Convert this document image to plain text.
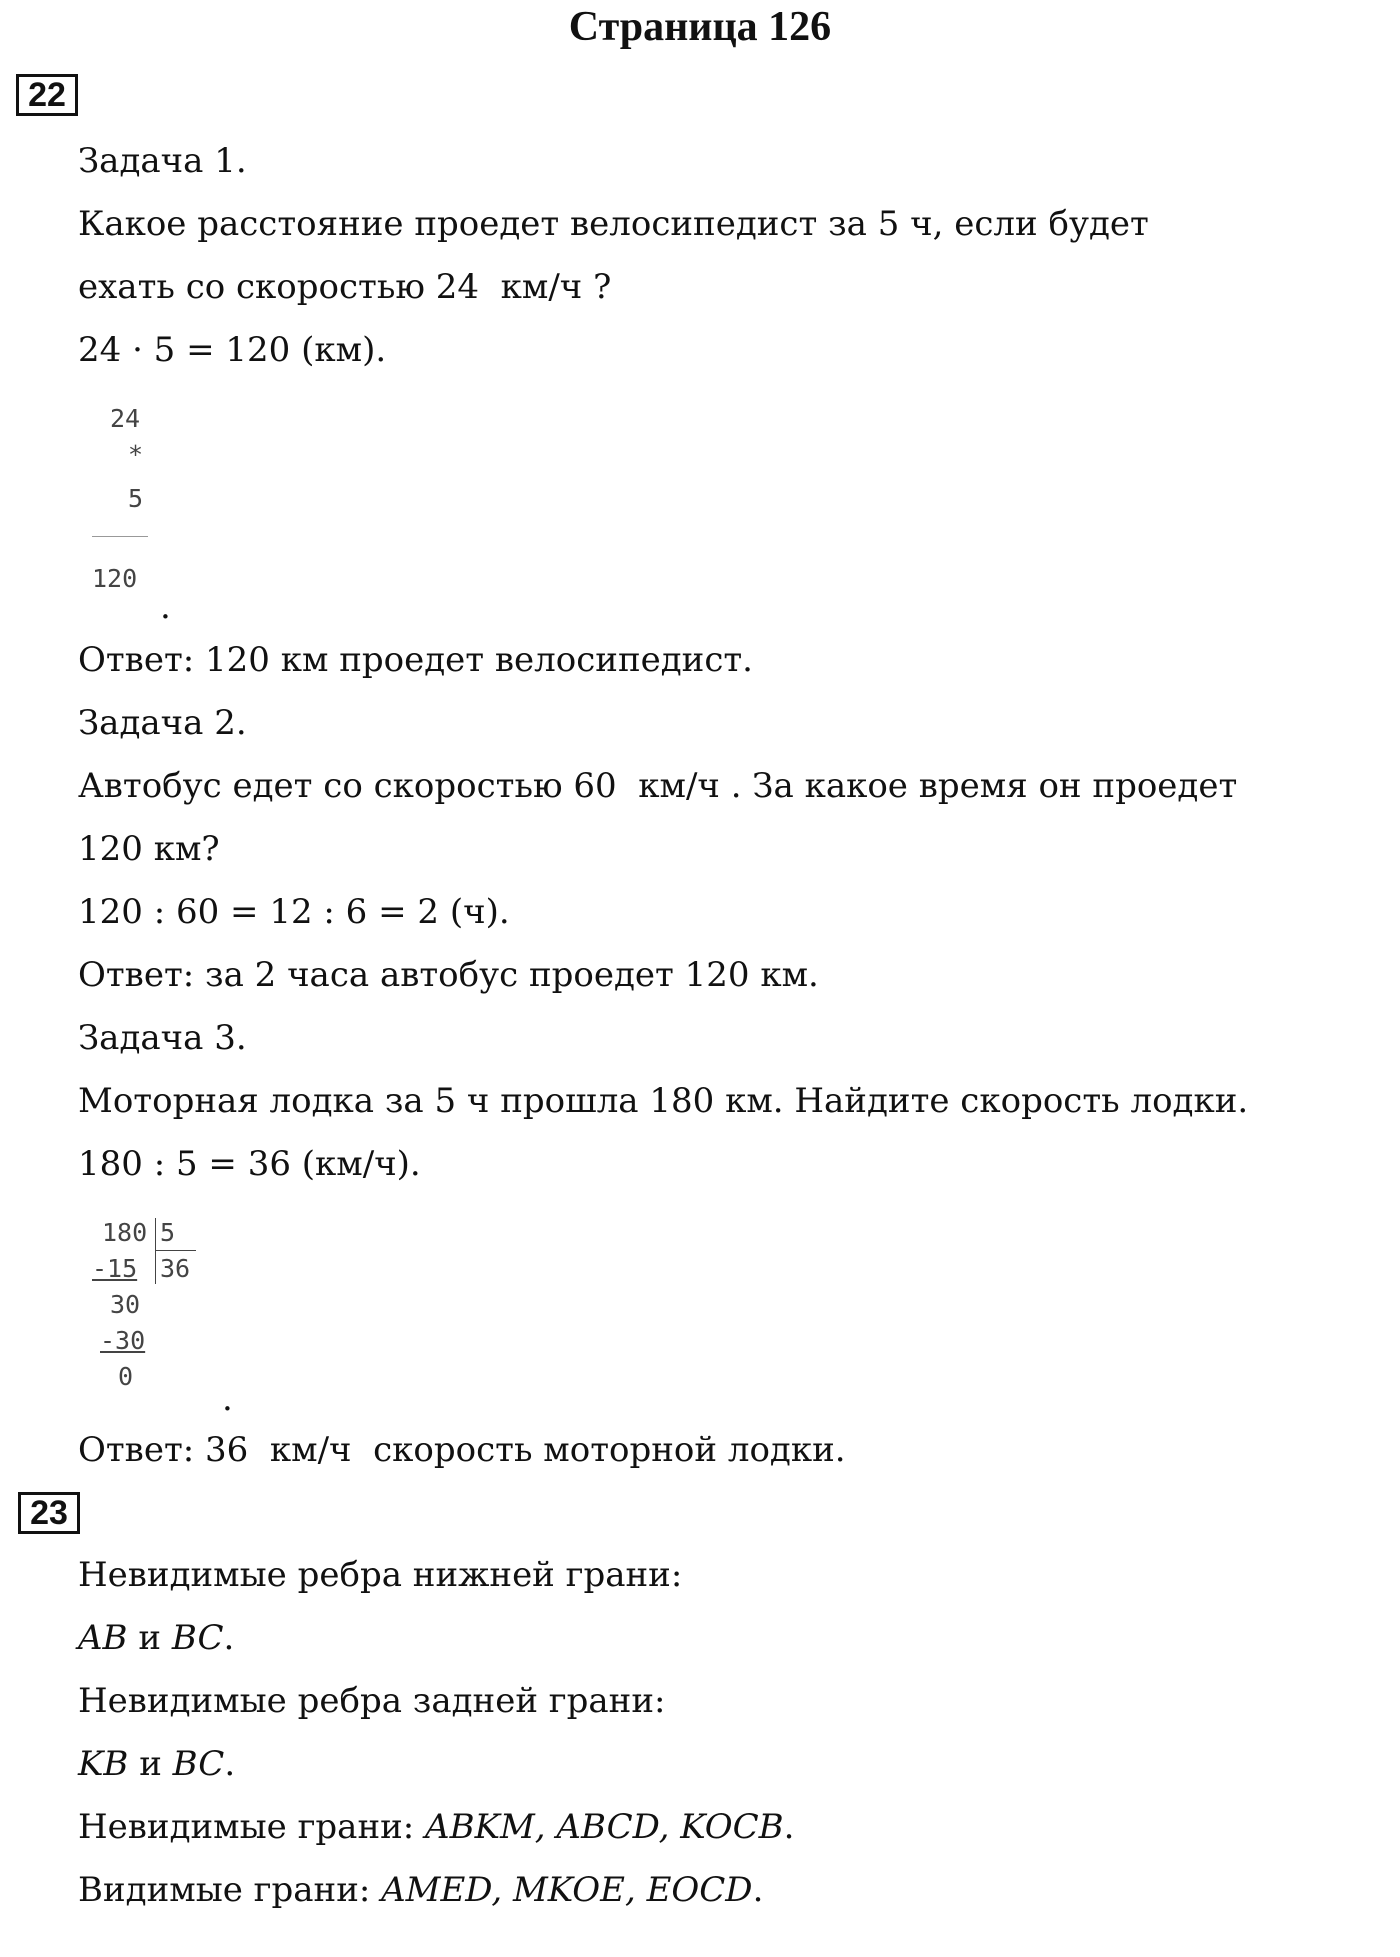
Страница 126
22
Задача 1.
Какое расстояние проедет велосипедист за 5 ч, если будет
ехать со скоростью 24  км/ч ?
24 · 5 = 120 (км).
24
*
5
120
.
Ответ: 120 км проедет велосипедист.
Задача 2.
Автобус едет со скоростью 60  км/ч . За какое время он проедет
120 км?
120 : 60 = 12 : 6 = 2 (ч).
Ответ: за 2 часа автобус проедет 120 км.
Задача 3.
Моторная лодка за 5 ч прошла 180 км. Найдите скорость лодки.
180 : 5 = 36 (км/ч).
180 5
-15 36
30
-30
0
.
Ответ: 36  км/ч  скорость моторной лодки.
23
Невидимые ребра нижней грани:
AB и BC.
Невидимые ребра задней грани:
KB и BC.
Невидимые грани: ABKM, ABCD, KOCB.
Видимые грани: AMED, MKOE, EOCD.
